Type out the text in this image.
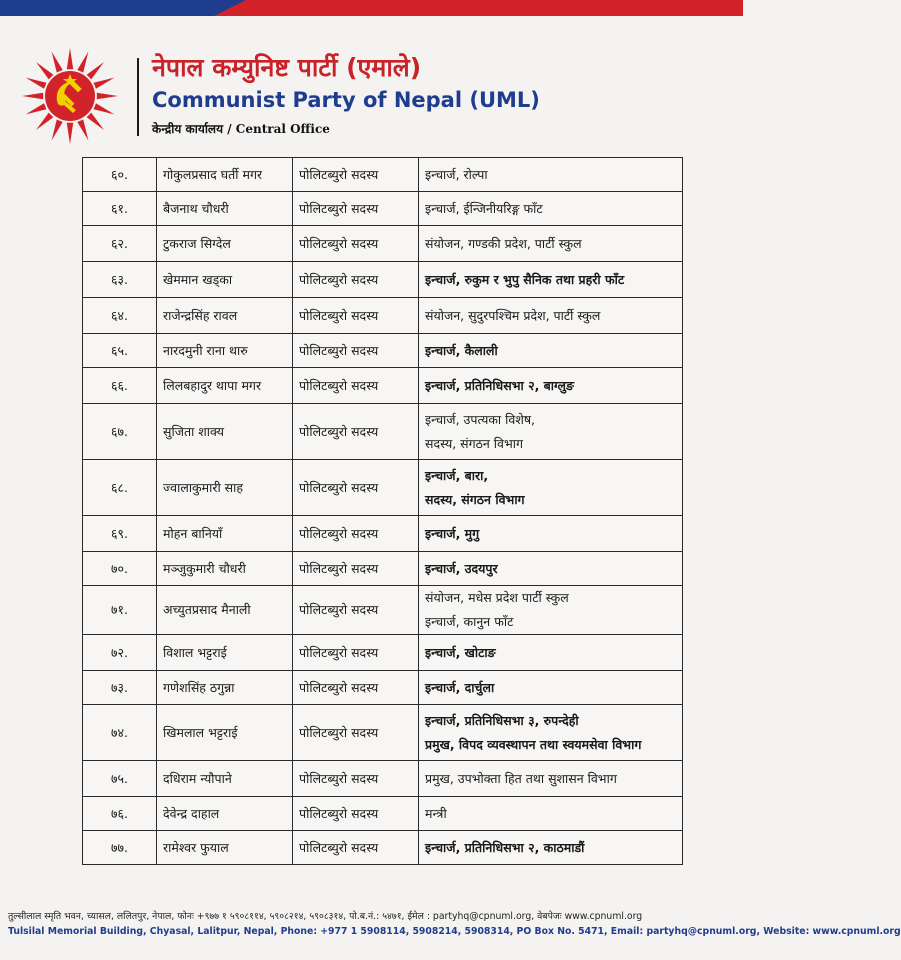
नेपाल कम्युनिष्ट पार्टी (एमाले)
Communist Party of Nepal (UML)
केन्द्रीय कार्यालय / Central Office
६०.	गोकुलप्रसाद घर्ती मगर	पोलिटब्युरो सदस्य	इन्चार्ज, रोल्पा

६१.	बैजनाथ चौधरी	पोलिटब्युरो सदस्य	इन्चार्ज, ईन्जिनीयरिङ्ग फाँट

६२.	टुकराज सिग्देल	पोलिटब्युरो सदस्य	संयोजन, गण्डकी प्रदेश, पार्टी स्कुल

६३.	खेममान खड्का	पोलिटब्युरो सदस्य	इन्चार्ज, रुकुम र भुपु सैनिक तथा प्रहरी फाँट

६४.	राजेन्द्रसिंह रावल	पोलिटब्युरो सदस्य	संयोजन, सुदुरपश्चिम प्रदेश, पार्टी स्कुल

६५.	नारदमुनी राना थारु	पोलिटब्युरो सदस्य	इन्चार्ज, कैलाली

६६.	लिलबहादुर थापा मगर	पोलिटब्युरो सदस्य	इन्चार्ज, प्रतिनिधिसभा २, बाग्लुङ

६७.	सुजिता शाक्य	पोलिटब्युरो सदस्य	इन्चार्ज, उपत्यका विशेष,
सदस्य, संगठन विभाग

६८.	ज्वालाकुमारी साह	पोलिटब्युरो सदस्य	इन्चार्ज, बारा,
सदस्य, संगठन विभाग

६९.	मोहन बानियाँ	पोलिटब्युरो सदस्य	इन्चार्ज, मुगु

७०.	मञ्जुकुमारी चौधरी	पोलिटब्युरो सदस्य	इन्चार्ज, उदयपुर

७१.	अच्युतप्रसाद मैनाली	पोलिटब्युरो सदस्य	संयोजन, मधेस प्रदेश पार्टी स्कुल
इन्चार्ज, कानुन फाँट

७२.	विशाल भट्टराई	पोलिटब्युरो सदस्य	इन्चार्ज, खोटाङ

७३.	गणेशसिंह ठगुन्ना	पोलिटब्युरो सदस्य	इन्चार्ज, दार्चुला

७४.	खिमलाल भट्टराई	पोलिटब्युरो सदस्य	इन्चार्ज, प्रतिनिधिसभा ३, रुपन्देही
प्रमुख, विपद व्यवस्थापन तथा स्वयमसेवा विभाग

७५.	दधिराम न्यौपाने	पोलिटब्युरो सदस्य	प्रमुख, उपभोक्ता हित तथा सुशासन विभाग

७६.	देवेन्द्र दाहाल	पोलिटब्युरो सदस्य	मन्त्री

७७.	रामेश्वर फुयाल	पोलिटब्युरो सदस्य	इन्चार्ज, प्रतिनिधिसभा २, काठमाडौं
तुल्सीलाल स्मृति भवन, च्यासल, ललितपुर, नेपाल, फोनः +९७७ १ ५९०८११४, ५९०८२१४, ५९०८३१४, पो.ब.नं.: ५४७१, ईमेल : partyhq@cpnuml.org, वेबपेजः www.cpnuml.org
Tulsilal Memorial Building, Chyasal, Lalitpur, Nepal, Phone: +977 1 5908114, 5908214, 5908314, PO Box No. 5471, Email: partyhq@cpnuml.org, Website: www.cpnuml.org
